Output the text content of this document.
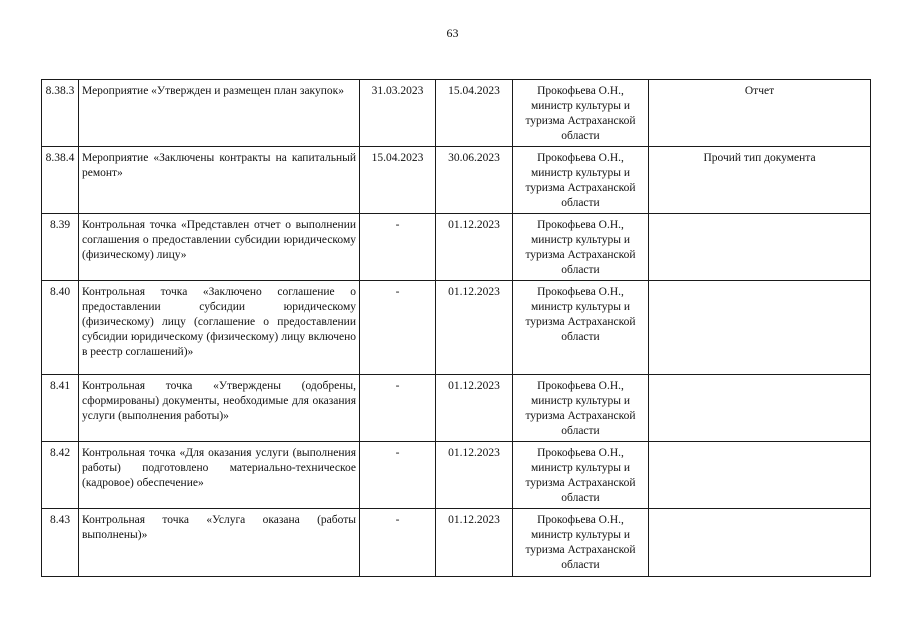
63
8.38.3	Мероприятие «Утвержден и размещен план закупок»	31.03.2023	15.04.2023	Прокофьева О.Н., министр культуры и туризма Астраханской области	Отчет
8.38.4	Мероприятие «Заключены контракты на капитальный ремонт»	15.04.2023	30.06.2023	Прокофьева О.Н., министр культуры и туризма Астраханской области	Прочий тип документа
8.39	Контрольная точка «Представлен отчет о выполнении соглашения о предоставлении субсидии юридическому (физическому) лицу»	-	01.12.2023	Прокофьева О.Н., министр культуры и туризма Астраханской области	
8.40	Контрольная точка «Заключено соглашение о предоставлении субсидии юридическому (физическому) лицу (соглашение о предоставлении субсидии юридическому (физическому) лицу включено в реестр соглашений)»	-	01.12.2023	Прокофьева О.Н., министр культуры и туризма Астраханской области	
8.41	Контрольная точка «Утверждены (одобрены, сформированы) документы, необходимые для оказания услуги (выполнения работы)»	-	01.12.2023	Прокофьева О.Н., министр культуры и туризма Астраханской области	
8.42	Контрольная точка «Для оказания услуги (выполнения работы) подготовлено материально-техническое (кадровое) обеспечение»	-	01.12.2023	Прокофьева О.Н., министр культуры и туризма Астраханской области	
8.43	Контрольная точка «Услуга оказана (работы выполнены)»	-	01.12.2023	Прокофьева О.Н., министр культуры и туризма Астраханской области	
